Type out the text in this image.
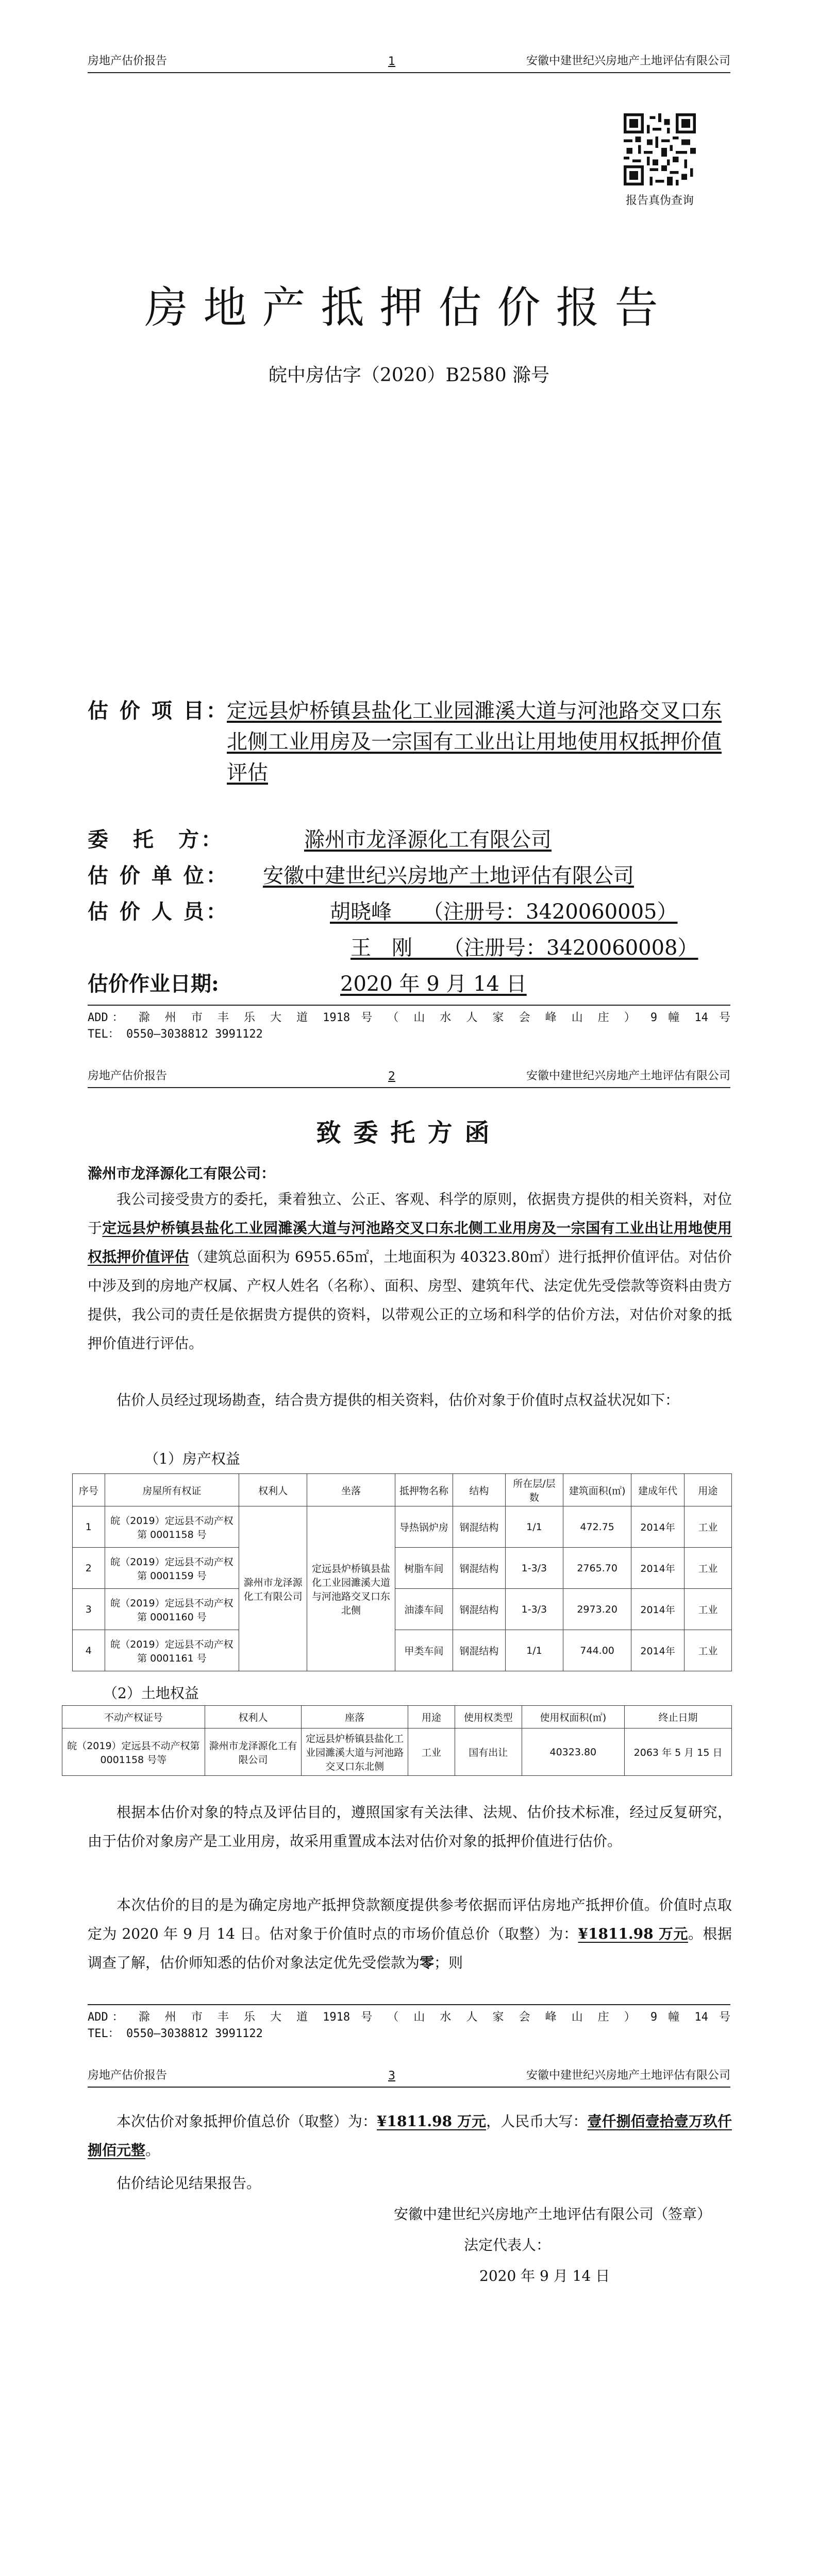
房地产估价报告	1	安徽中建世纪兴房地产土地评估有限公司
报告真伪查询
房地产抵押估价报告
皖中房估字（2020）B2580 滁号
估 价 项 目：
定远县炉桥镇县盐化工业园濉溪大道与河池路交叉口东北侧工业用房及一宗国有工业出让用地使用权抵押价值评估
委　托　方：	滁州市龙泽源化工有限公司
估 价 单 位： 安徽中建世纪兴房地产土地评估有限公司
估 价 人 员：	胡晓峰　　（注册号：3420060005）
王　刚　　（注册号：3420060008）
估价作业日期:	2020 年 9 月 14 日
ADD： 滁 州 市 丰 乐 大 道 1918 号 （ 山 水 人 家 会 峰 山 庄 ） 9 幢 14 号
TEL： 0550—3038812 3991122
房地产估价报告	2	安徽中建世纪兴房地产土地评估有限公司
致委托方函
滁州市龙泽源化工有限公司：
我公司接受贵方的委托，秉着独立、公正、客观、科学的原则，依据贵方提供的相关资料，对位于定远县炉桥镇县盐化工业园濉溪大道与河池路交叉口东北侧工业用房及一宗国有工业出让用地使用权抵押价值评估（建筑总面积为 6955.65㎡，土地面积为 40323.80㎡）进行抵押价值评估。对估价中涉及到的房地产权属、产权人姓名（名称）、面积、房型、建筑年代、法定优先受偿款等资料由贵方提供，我公司的责任是依据贵方提供的资料，以带观公正的立场和科学的估价方法，对估价对象的抵押价值进行评估。
估价人员经过现场勘查，结合贵方提供的相关资料，估价对象于价值时点权益状况如下：
（1）房产权益
序号	房屋所有权证	权利人	坐落	抵押物名称	结构	所在层/层数	建筑面积(㎡)	建成年代	用途
1	皖（2019）定远县不动产权第 0001158 号	滁州市龙泽源化工有限公司	定远县炉桥镇县盐化工业园濉溪大道与河池路交叉口东北侧	导热锅炉房	钢混结构	1/1	472.75	2014年	工业
2	皖（2019）定远县不动产权第 0001159 号			树脂车间	钢混结构	1-3/3	2765.70	2014年	工业
3	皖（2019）定远县不动产权第 0001160 号			油漆车间	钢混结构	1-3/3	2973.20	2014年	工业
4	皖（2019）定远县不动产权第 0001161 号			甲类车间	钢混结构	1/1	744.00	2014年	工业
（2）土地权益
不动产权证号	权利人	座落	用途	使用权类型	使用权面积(㎡)	终止日期
皖（2019）定远县不动产权第 0001158 号等	滁州市龙泽源化工有限公司	定远县炉桥镇县盐化工业园濉溪大道与河池路交叉口东北侧	工业	国有出让	40323.80	2063 年 5 月 15 日
根据本估价对象的特点及评估目的，遵照国家有关法律、法规、估价技术标准，经过反复研究，由于估价对象房产是工业用房，故采用重置成本法对估价对象的抵押价值进行估价。
本次估价的目的是为确定房地产抵押贷款额度提供参考依据而评估房地产抵押价值。价值时点取定为 2020 年 9 月 14 日。估对象于价值时点的市场价值总价（取整）为：¥1811.98 万元。根据调查了解，估价师知悉的估价对象法定优先受偿款为零；则
ADD： 滁 州 市 丰 乐 大 道 1918 号 （ 山 水 人 家 会 峰 山 庄 ） 9 幢 14 号
TEL： 0550—3038812 3991122
房地产估价报告	3	安徽中建世纪兴房地产土地评估有限公司
本次估价对象抵押价值总价（取整）为：¥1811.98 万元，人民币大写：壹仟捌佰壹拾壹万玖仟捌佰元整。
估价结论见结果报告。
安徽中建世纪兴房地产土地评估有限公司（签章）
法定代表人：
2020 年 9 月 14 日
